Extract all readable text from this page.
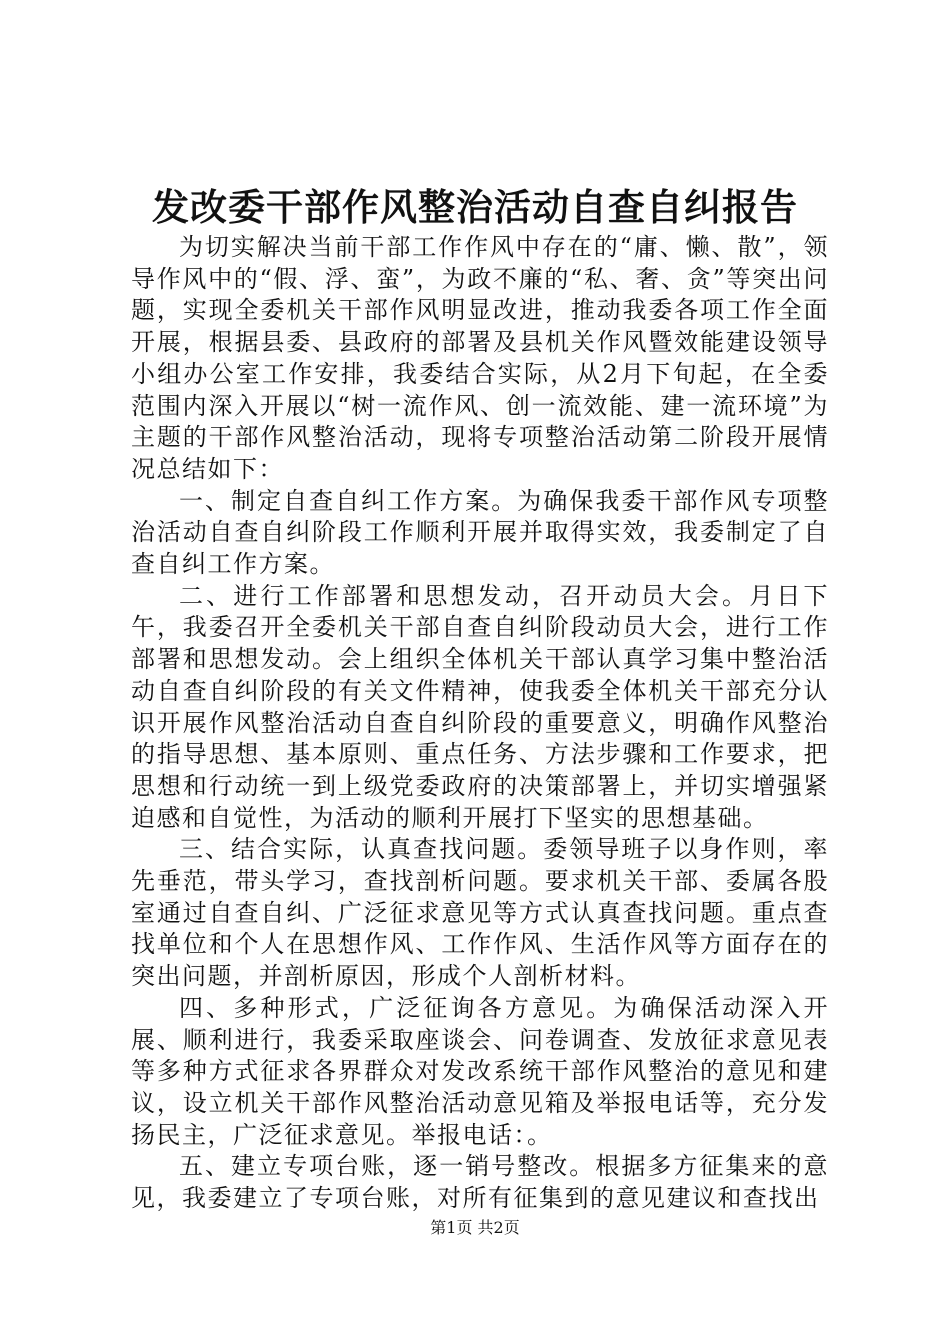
发改委干部作风整治活动自查自纠报告

为切实解决当前干部工作作风中存在的“庸、懒、散”，领导作风中的“假、浮、蛮”，为政不廉的“私、奢、贪”等突出问题，实现全委机关干部作风明显改进，推动我委各项工作全面开展，根据县委、县政府的部署及县机关作风暨效能建设领导小组办公室工作安排，我委结合实际，从2月下旬起，在全委范围内深入开展以“树一流作风、创一流效能、建一流环境”为主题的干部作风整治活动，现将专项整治活动第二阶段开展情况总结如下：

一、制定自查自纠工作方案。为确保我委干部作风专项整治活动自查自纠阶段工作顺利开展并取得实效，我委制定了自查自纠工作方案。

二、进行工作部署和思想发动，召开动员大会。月日下午，我委召开全委机关干部自查自纠阶段动员大会，进行工作部署和思想发动。会上组织全体机关干部认真学习集中整治活动自查自纠阶段的有关文件精神，使我委全体机关干部充分认识开展作风整治活动自查自纠阶段的重要意义，明确作风整治的指导思想、基本原则、重点任务、方法步骤和工作要求，把思想和行动统一到上级党委政府的决策部署上，并切实增强紧迫感和自觉性，为活动的顺利开展打下坚实的思想基础。

三、结合实际，认真查找问题。委领导班子以身作则，率先垂范，带头学习，查找剖析问题。要求机关干部、委属各股室通过自查自纠、广泛征求意见等方式认真查找问题。重点查找单位和个人在思想作风、工作作风、生活作风等方面存在的突出问题，并剖析原因，形成个人剖析材料。

四、多种形式，广泛征询各方意见。为确保活动深入开展、顺利进行，我委采取座谈会、问卷调查、发放征求意见表等多种方式征求各界群众对发改系统干部作风整治的意见和建议，设立机关干部作风整治活动意见箱及举报电话等，充分发扬民主，广泛征求意见。举报电话：。

五、建立专项台账，逐一销号整改。根据多方征集来的意见，我委建立了专项台账，对所有征集到的意见建议和查找出

第1页 共2页
